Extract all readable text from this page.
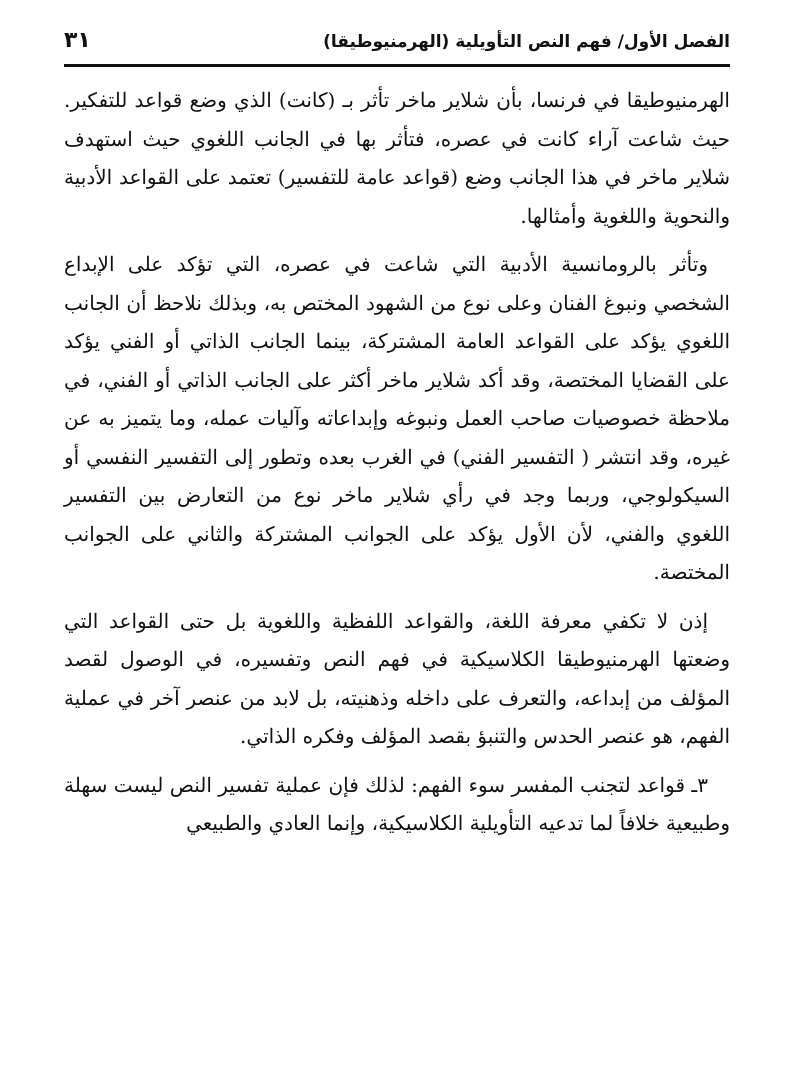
الفصل الأول/ فهم النص التأويلية (الهرمنيوطيقا)
٣١

الهرمنيوطيقا في فرنسا، بأن شلاير ماخر تأثر بـ (كانت) الذي وضع قواعد للتفكير. حيث شاعت آراء كانت في عصره، فتأثر بها في الجانب اللغوي حيث استهدف شلاير ماخر في هذا الجانب وضع (قواعد عامة للتفسير) تعتمد على القواعد الأدبية والنحوية واللغوية وأمثالها.

وتأثر بالرومانسية الأدبية التي شاعت في عصره، التي تؤكد على الإبداع الشخصي ونبوغ الفنان وعلى نوع من الشهود المختص به، وبذلك نلاحظ أن الجانب اللغوي يؤكد على القواعد العامة المشتركة، بينما الجانب الذاتي أو الفني يؤكد على القضايا المختصة، وقد أكد شلاير ماخر أكثر على الجانب الذاتي أو الفني، في ملاحظة خصوصيات صاحب العمل ونبوغه وإبداعاته وآليات عمله، وما يتميز به عن غيره، وقد انتشر ( التفسير الفني) في الغرب بعده وتطور إلى التفسير النفسي أو السيكولوجي، وربما وجد في رأي شلاير ماخر نوع من التعارض بين التفسير اللغوي والفني، لأن الأول يؤكد على الجوانب المشتركة والثاني على الجوانب المختصة.

إذن لا تكفي معرفة اللغة، والقواعد اللفظية واللغوية بل حتى القواعد التي وضعتها الهرمنيوطيقا الكلاسيكية في فهم النص وتفسيره، في الوصول لقصد المؤلف من إبداعه، والتعرف على داخله وذهنيته، بل لابد من عنصر آخر في عملية الفهم، هو عنصر الحدس والتنبؤ بقصد المؤلف وفكره الذاتي.

٣ـ قواعد لتجنب المفسر سوء الفهم: لذلك فإن عملية تفسير النص ليست سهلة وطبيعية خلافاً لما تدعيه التأويلية الكلاسيكية، وإنما العادي والطبيعي
